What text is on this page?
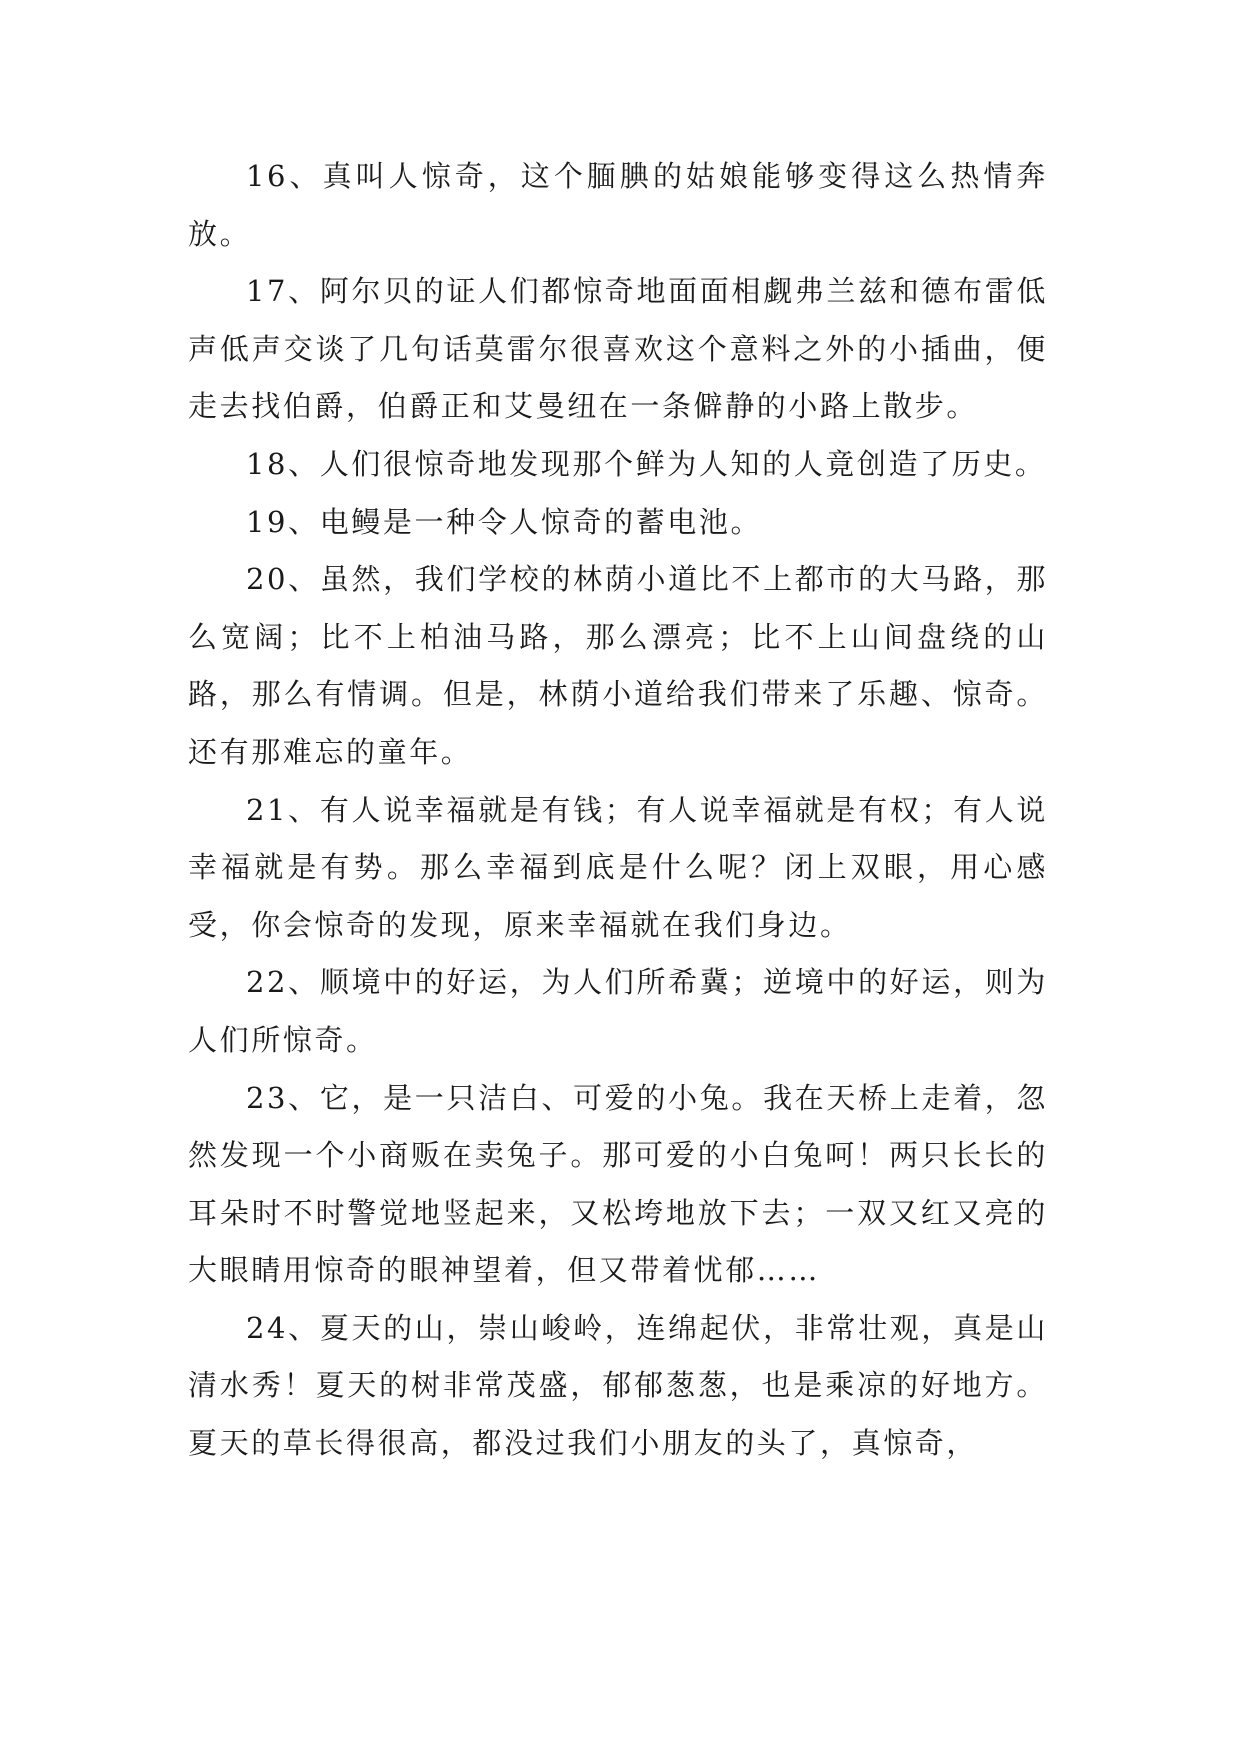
16、真叫人惊奇，这个腼腆的姑娘能够变得这么热情奔放。

17、阿尔贝的证人们都惊奇地面面相觑弗兰兹和德布雷低声低声交谈了几句话莫雷尔很喜欢这个意料之外的小插曲，便走去找伯爵，伯爵正和艾曼纽在一条僻静的小路上散步。

18、人们很惊奇地发现那个鲜为人知的人竟创造了历史。

19、电鳗是一种令人惊奇的蓄电池。

20、虽然，我们学校的林荫小道比不上都市的大马路，那么宽阔；比不上柏油马路，那么漂亮；比不上山间盘绕的山路，那么有情调。但是，林荫小道给我们带来了乐趣、惊奇。还有那难忘的童年。

21、有人说幸福就是有钱；有人说幸福就是有权；有人说幸福就是有势。那么幸福到底是什么呢？闭上双眼，用心感受，你会惊奇的发现，原来幸福就在我们身边。

22、顺境中的好运，为人们所希冀；逆境中的好运，则为人们所惊奇。

23、它，是一只洁白、可爱的小兔。我在天桥上走着，忽然发现一个小商贩在卖兔子。那可爱的小白兔呵！两只长长的耳朵时不时警觉地竖起来，又松垮地放下去；一双又红又亮的大眼睛用惊奇的眼神望着，但又带着忧郁……

24、夏天的山，崇山峻岭，连绵起伏，非常壮观，真是山清水秀！夏天的树非常茂盛，郁郁葱葱，也是乘凉的好地方。夏天的草长得很高，都没过我们小朋友的头了，真惊奇，
